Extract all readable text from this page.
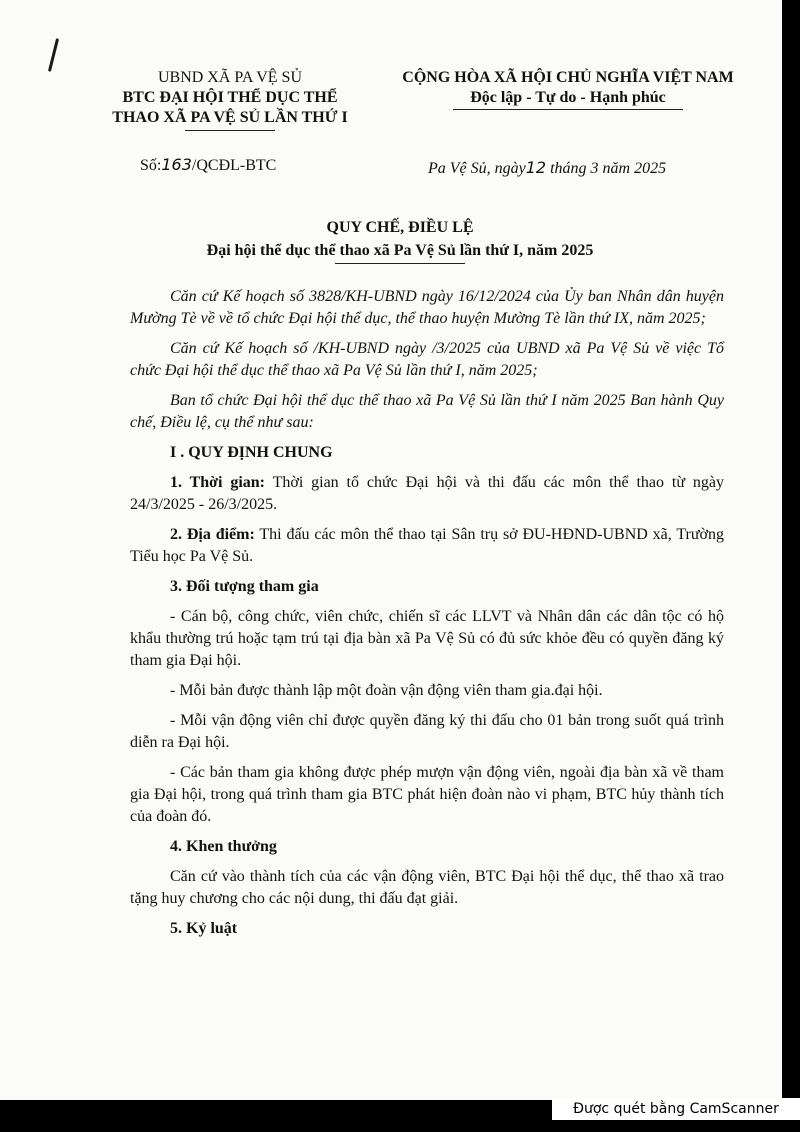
UBND XÃ PA VỆ SỦ
BTC ĐẠI HỘI THỂ DỤC THỂ
THAO XÃ PA VỆ SỦ LẦN THỨ I
CỘNG HÒA XÃ HỘI CHỦ NGHĨA VIỆT NAM
Độc lập - Tự do - Hạnh phúc
Số:163/QCĐL-BTC	Pa Vệ Sủ, ngày12 tháng 3 năm 2025
QUY CHẾ, ĐIỀU LỆ
Đại hội thể dục thể thao xã Pa Vệ Sủ lần thứ I, năm 2025

Căn cứ Kế hoạch số 3828/KH-UBND ngày 16/12/2024 của Ủy ban Nhân dân huyện Mường Tè về về tổ chức Đại hội thể dục, thể thao huyện Mường Tè lần thứ IX, năm 2025;

Căn cứ Kế hoạch số /KH-UBND ngày /3/2025 của UBND xã Pa Vệ Sủ về việc Tổ chức Đại hội thể dục thể thao xã Pa Vệ Sủ lần thứ I, năm 2025;

Ban tổ chức Đại hội thể dục thể thao xã Pa Vệ Sủ lần thứ I năm 2025 Ban hành Quy chế, Điều lệ, cụ thể như sau:

I . QUY ĐỊNH CHUNG

1. Thời gian: Thời gian tổ chức Đại hội và thi đấu các môn thể thao từ ngày 24/3/2025 - 26/3/2025.

2. Địa điểm: Thi đấu các môn thể thao tại Sân trụ sở ĐU-HĐND-UBND xã, Trường Tiểu học Pa Vệ Sủ.

3. Đối tượng tham gia

- Cán bộ, công chức, viên chức, chiến sĩ các LLVT và Nhân dân các dân tộc có hộ khẩu thường trú hoặc tạm trú tại địa bàn xã Pa Vệ Sủ có đủ sức khỏe đều có quyền đăng ký tham gia Đại hội.

- Mỗi bản được thành lập một đoàn vận động viên tham gia.đại hội.

- Mỗi vận động viên chỉ được quyền đăng ký thi đấu cho 01 bản trong suốt quá trình diễn ra Đại hội.

- Các bản tham gia không được phép mượn vận động viên, ngoài địa bàn xã về tham gia Đại hội, trong quá trình tham gia BTC phát hiện đoàn nào vi phạm, BTC hủy thành tích của đoàn đó.

4. Khen thưởng

Căn cứ vào thành tích của các vận động viên, BTC Đại hội thể dục, thể thao xã trao tặng huy chương cho các nội dung, thi đấu đạt giải.

5. Kỷ luật

Được quét bằng CamScanner
